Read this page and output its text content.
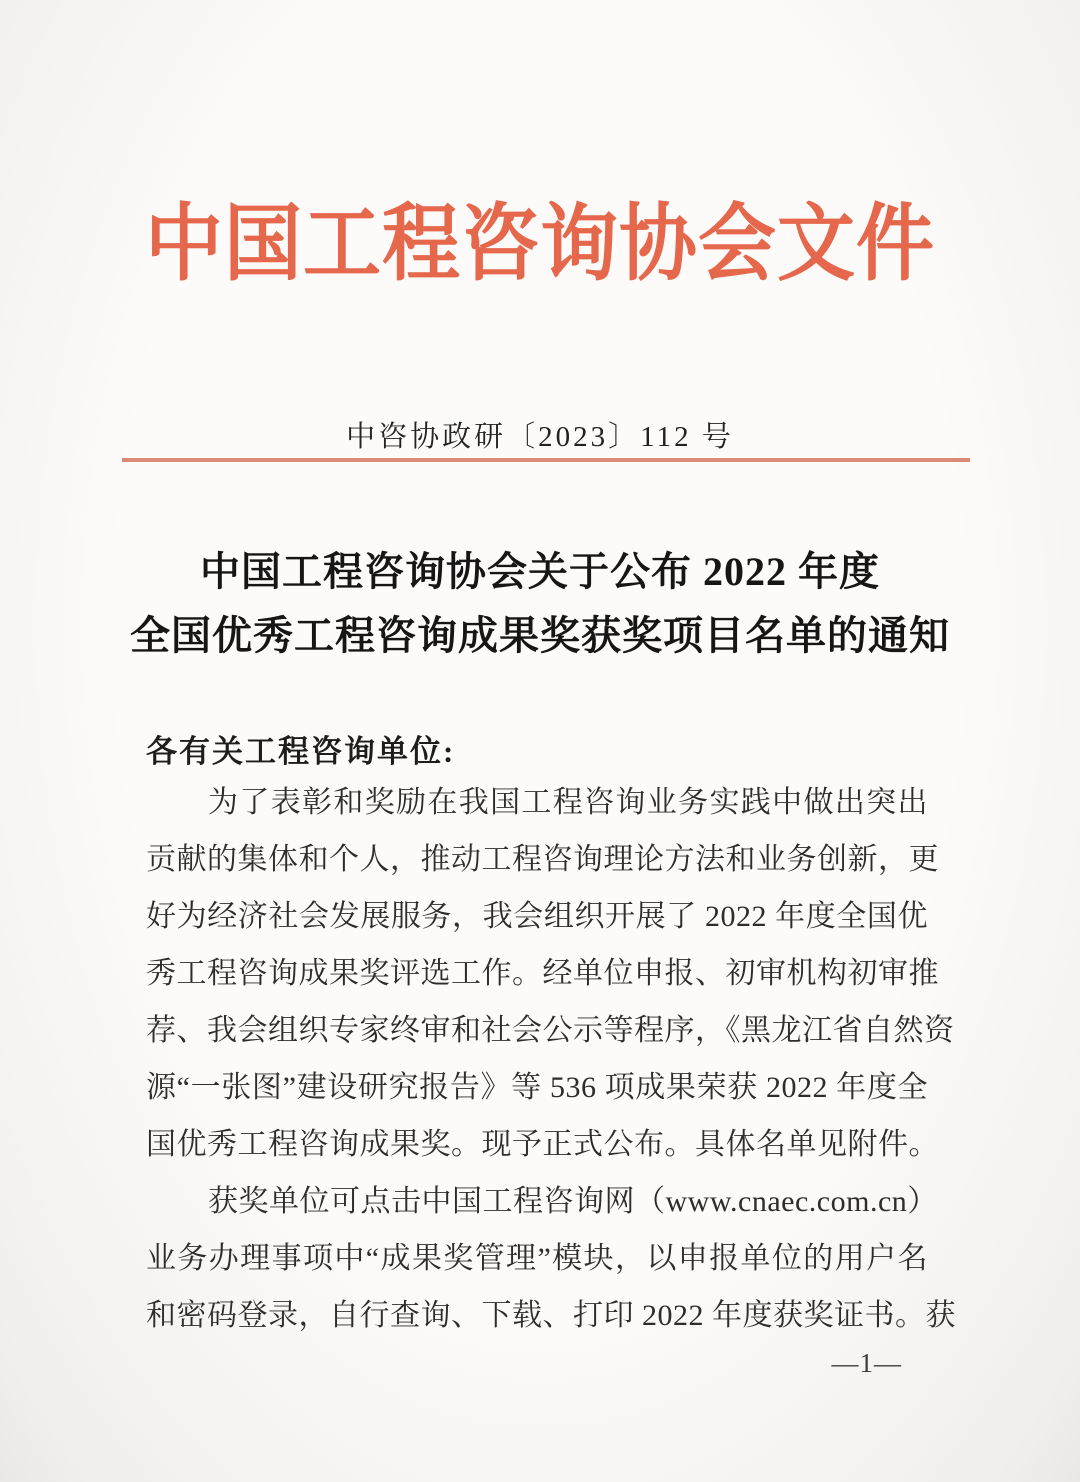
中国工程咨询协会文件
中咨协政研〔2023〕112 号
中国工程咨询协会关于公布 2022 年度
全国优秀工程咨询成果奖获奖项目名单的通知
各有关工程咨询单位:
为了表彰和奖励在我国工程咨询业务实践中做出突出
贡献的集体和个人，推动工程咨询理论方法和业务创新，更
好为经济社会发展服务，我会组织开展了 2022 年度全国优
秀工程咨询成果奖评选工作。经单位申报、初审机构初审推
荐、我会组织专家终审和社会公示等程序，《黑龙江省自然资
源“一张图”建设研究报告》等 536 项成果荣获 2022 年度全
国优秀工程咨询成果奖。现予正式公布。具体名单见附件。
获奖单位可点击中国工程咨询网（www.cnaec.com.cn）
业务办理事项中“成果奖管理”模块，以申报单位的用户名
和密码登录，自行查询、下载、打印 2022 年度获奖证书。获
—1—
